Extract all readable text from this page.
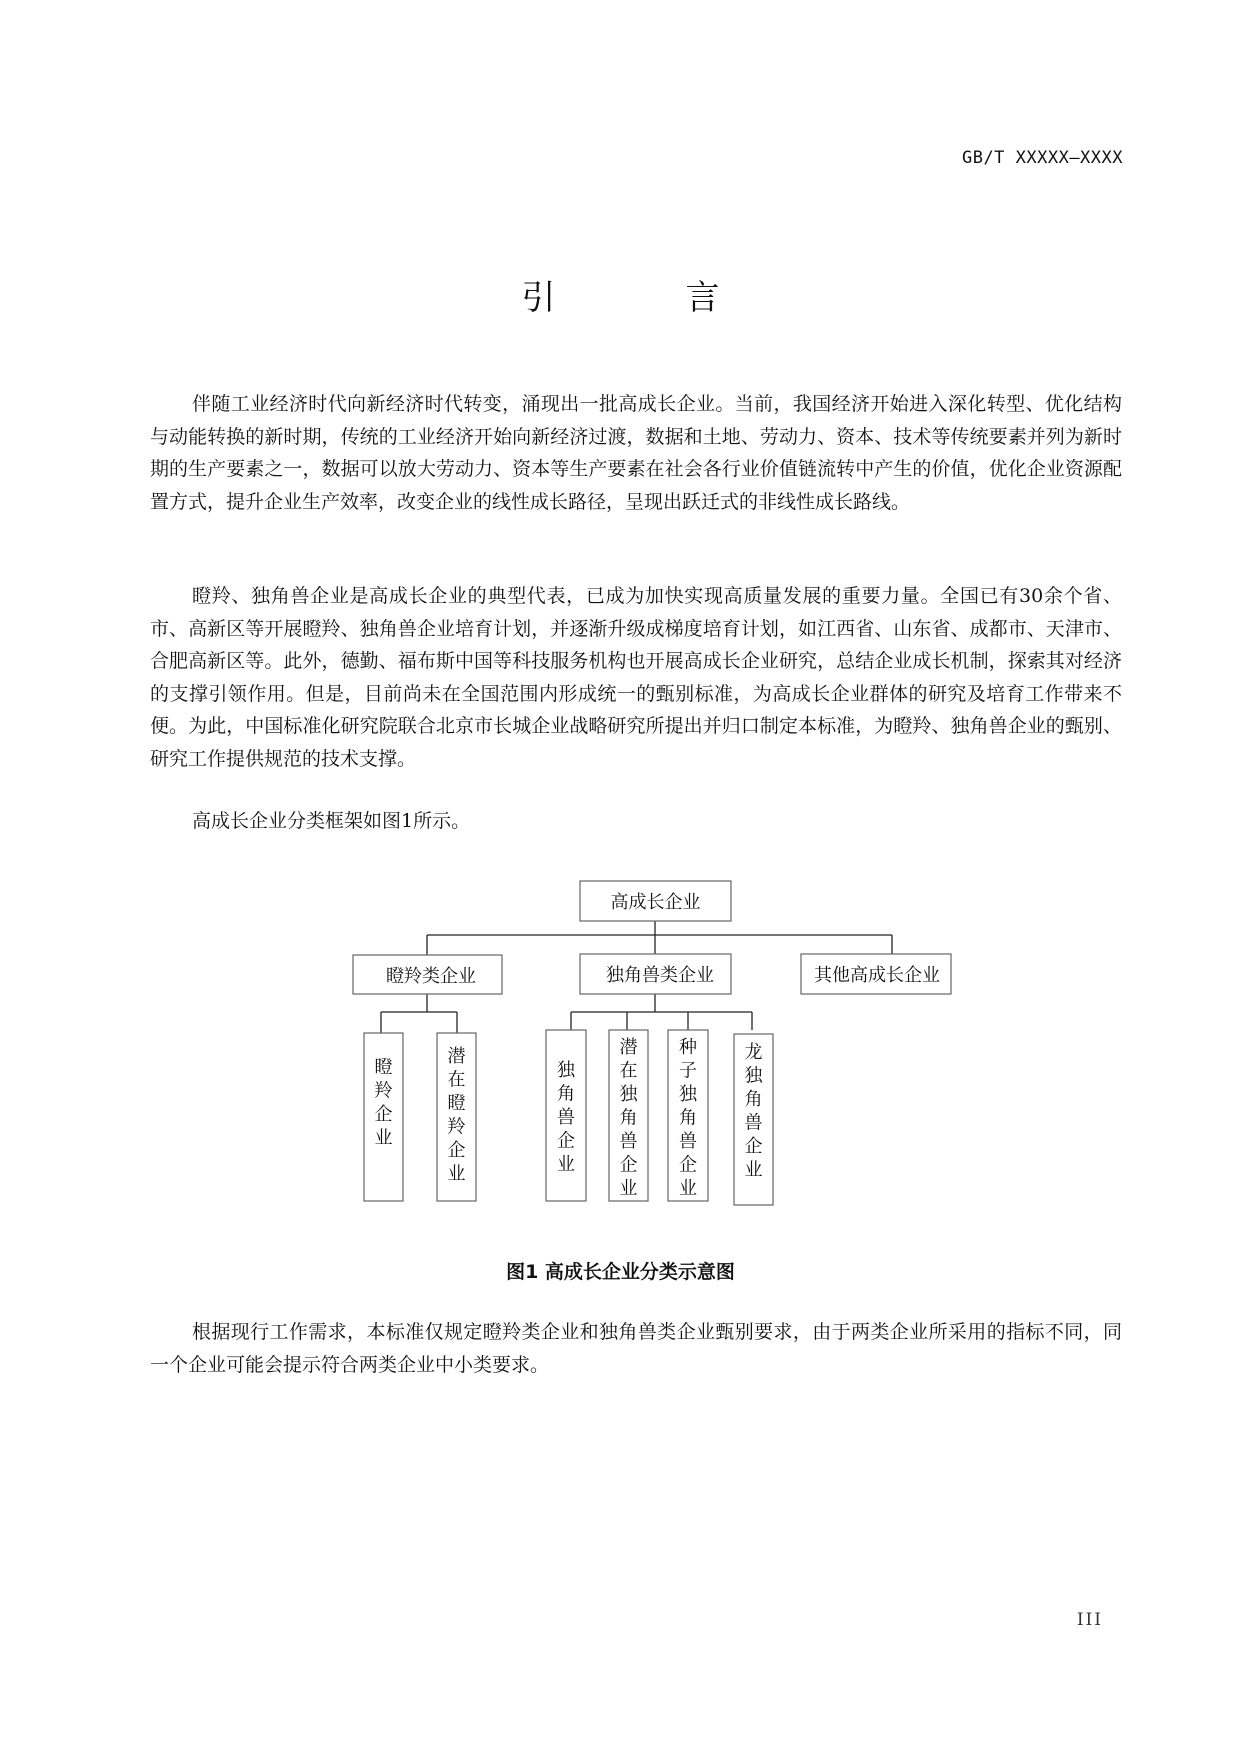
GB/T XXXXX—XXXX
引　言
伴随工业经济时代向新经济时代转变，涌现出一批高成长企业。当前，我国经济开始进入深化转型、优化结构与动能转换的新时期，传统的工业经济开始向新经济过渡，数据和土地、劳动力、资本、技术等传统要素并列为新时期的生产要素之一，数据可以放大劳动力、资本等生产要素在社会各行业价值链流转中产生的价值，优化企业资源配置方式，提升企业生产效率，改变企业的线性成长路径，呈现出跃迁式的非线性成长路线。
瞪羚、独角兽企业是高成长企业的典型代表，已成为加快实现高质量发展的重要力量。全国已有30余个省、市、高新区等开展瞪羚、独角兽企业培育计划，并逐渐升级成梯度培育计划，如江西省、山东省、成都市、天津市、合肥高新区等。此外，德勤、福布斯中国等科技服务机构也开展高成长企业研究，总结企业成长机制，探索其对经济的支撑引领作用。但是，目前尚未在全国范围内形成统一的甄别标准，为高成长企业群体的研究及培育工作带来不便。为此，中国标准化研究院联合北京市长城企业战略研究所提出并归口制定本标准，为瞪羚、独角兽企业的甄别、研究工作提供规范的技术支撑。
高成长企业分类框架如图1所示。
高成长企业
瞪羚类企业	独角兽类企业	其他高成长企业
瞪羚企业
潜在瞪羚企业
独角兽企业
潜在独角兽企业
种子独角兽企业
龙独角兽企业
图1 高成长企业分类示意图
根据现行工作需求，本标准仅规定瞪羚类企业和独角兽类企业甄别要求，由于两类企业所采用的指标不同，同一个企业可能会提示符合两类企业中小类要求。
III
